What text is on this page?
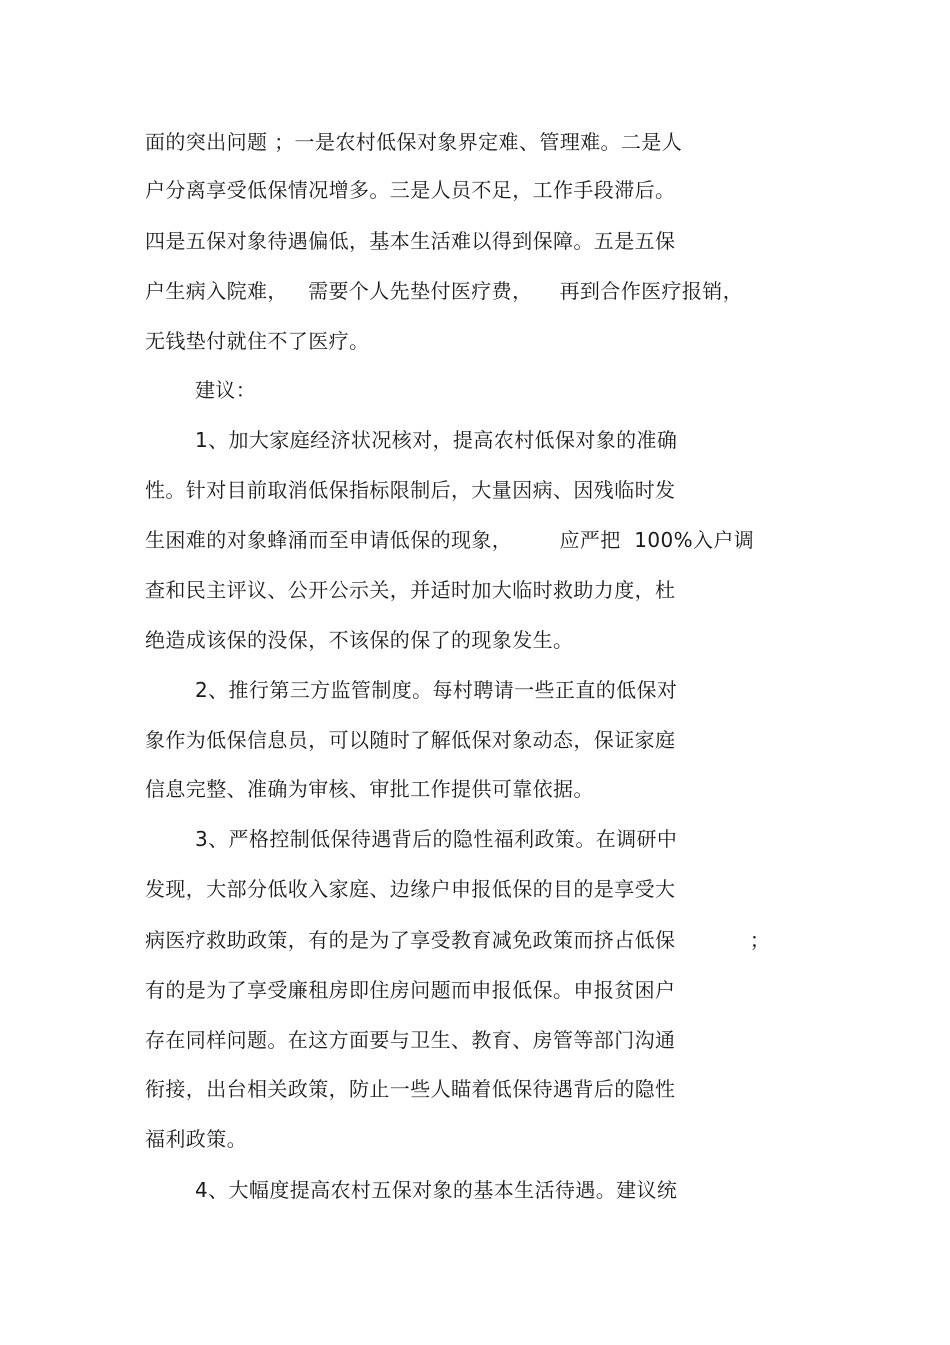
面的突出问题 ；一是农村低保对象界定难、管理难。二是人
户分离享受低保情况增多。三是人员不足，工作手段滞后。
四是五保对象待遇偏低，基本生活难以得到保障。五是五保
户生病入院难，   需要个人先垫付医疗费，    再到合作医疗报销，
无钱垫付就住不了医疗。
建议：
1、加大家庭经济状况核对，提高农村低保对象的准确
性。针对目前取消低保指标限制后，大量因病、因残临时发
生困难的对象蜂涌而至申请低保的现象，       应严把  100%入户调
查和民主评议、公开公示关，并适时加大临时救助力度，杜
绝造成该保的没保，不该保的保了的现象发生。
2、推行第三方监管制度。每村聘请一些正直的低保对
象作为低保信息员，可以随时了解低保对象动态，保证家庭
信息完整、准确为审核、审批工作提供可靠依据。
3、严格控制低保待遇背后的隐性福利政策。在调研中
发现，大部分低收入家庭、边缘户申报低保的目的是享受大
病医疗救助政策，有的是为了享受教育减免政策而挤占低保           ；
有的是为了享受廉租房即住房问题而申报低保。申报贫困户
存在同样问题。在这方面要与卫生、教育、房管等部门沟通
衔接，出台相关政策，防止一些人瞄着低保待遇背后的隐性
福利政策。
4、大幅度提高农村五保对象的基本生活待遇。建议统
